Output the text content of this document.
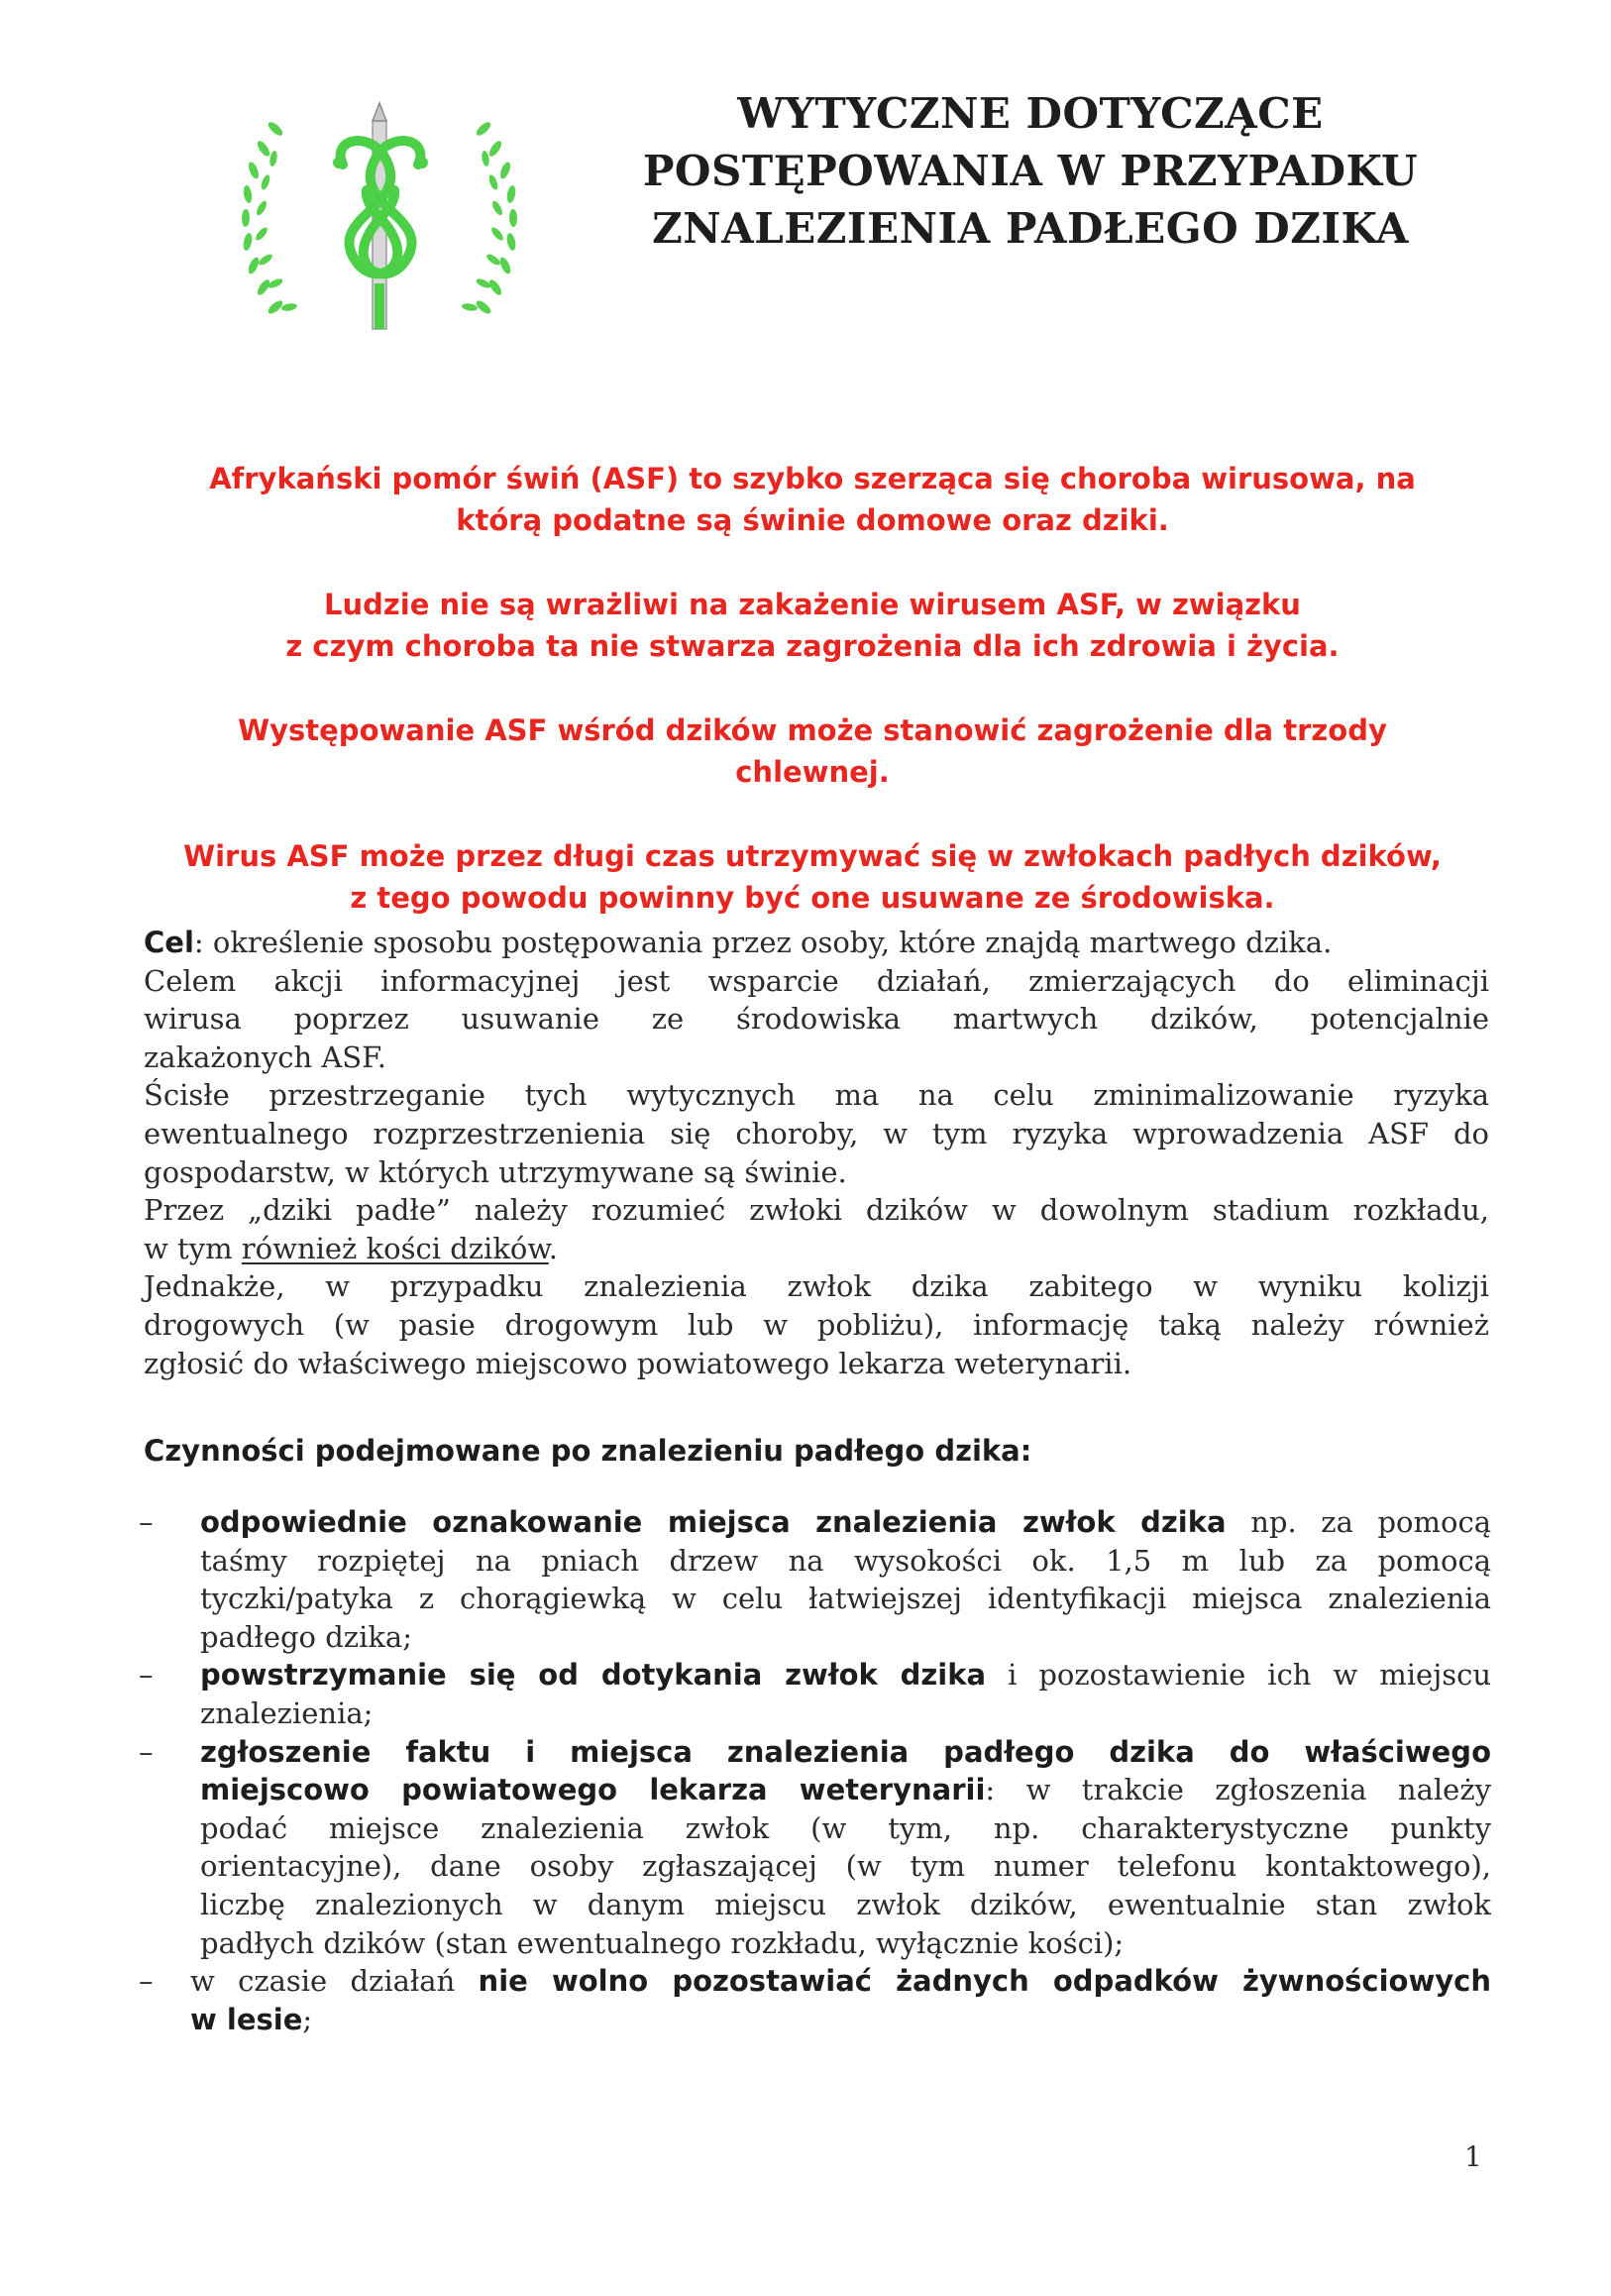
WYTYCZNE DOTYCZĄCE
POSTĘPOWANIA W PRZYPADKU
ZNALEZIENIA PADŁEGO DZIKA

Afrykański pomór świń (ASF) to szybko szerząca się choroba wirusowa, na
którą podatne są świnie domowe oraz dziki.

Ludzie nie są wrażliwi na zakażenie wirusem ASF, w związku
z czym choroba ta nie stwarza zagrożenia dla ich zdrowia i życia.

Występowanie ASF wśród dzików może stanowić zagrożenie dla trzody
chlewnej.

Wirus ASF może przez długi czas utrzymywać się w zwłokach padłych dzików,
z tego powodu powinny być one usuwane ze środowiska.

Cel: określenie sposobu postępowania przez osoby, które znajdą martwego dzika.
Celem akcji informacyjnej jest wsparcie działań, zmierzających do eliminacji
wirusa poprzez usuwanie ze środowiska martwych dzików, potencjalnie
zakażonych ASF.
Ścisłe przestrzeganie tych wytycznych ma na celu zminimalizowanie ryzyka
ewentualnego rozprzestrzenienia się choroby, w tym ryzyka wprowadzenia ASF do
gospodarstw, w których utrzymywane są świnie.
Przez „dziki padłe” należy rozumieć zwłoki dzików w dowolnym stadium rozkładu,
w tym również kości dzików.
Jednakże, w przypadku znalezienia zwłok dzika zabitego w wyniku kolizji
drogowych (w pasie drogowym lub w pobliżu), informację taką należy również
zgłosić do właściwego miejscowo powiatowego lekarza weterynarii.
Czynności podejmowane po znalezieniu padłego dzika:
– odpowiednie oznakowanie miejsca znalezienia zwłok dzika np. za pomocą
taśmy rozpiętej na pniach drzew na wysokości ok. 1,5 m lub za pomocą
tyczki/patyka z chorągiewką w celu łatwiejszej identyfikacji miejsca znalezienia
padłego dzika;
– powstrzymanie się od dotykania zwłok dzika i pozostawienie ich w miejscu
znalezienia;
– zgłoszenie faktu i miejsca znalezienia padłego dzika do właściwego
miejscowo powiatowego lekarza weterynarii: w trakcie zgłoszenia należy
podać miejsce znalezienia zwłok (w tym, np. charakterystyczne punkty
orientacyjne), dane osoby zgłaszającej (w tym numer telefonu kontaktowego),
liczbę znalezionych w danym miejscu zwłok dzików, ewentualnie stan zwłok
padłych dzików (stan ewentualnego rozkładu, wyłącznie kości);
– w czasie działań nie wolno pozostawiać żadnych odpadków żywnościowych
w lesie;
1
